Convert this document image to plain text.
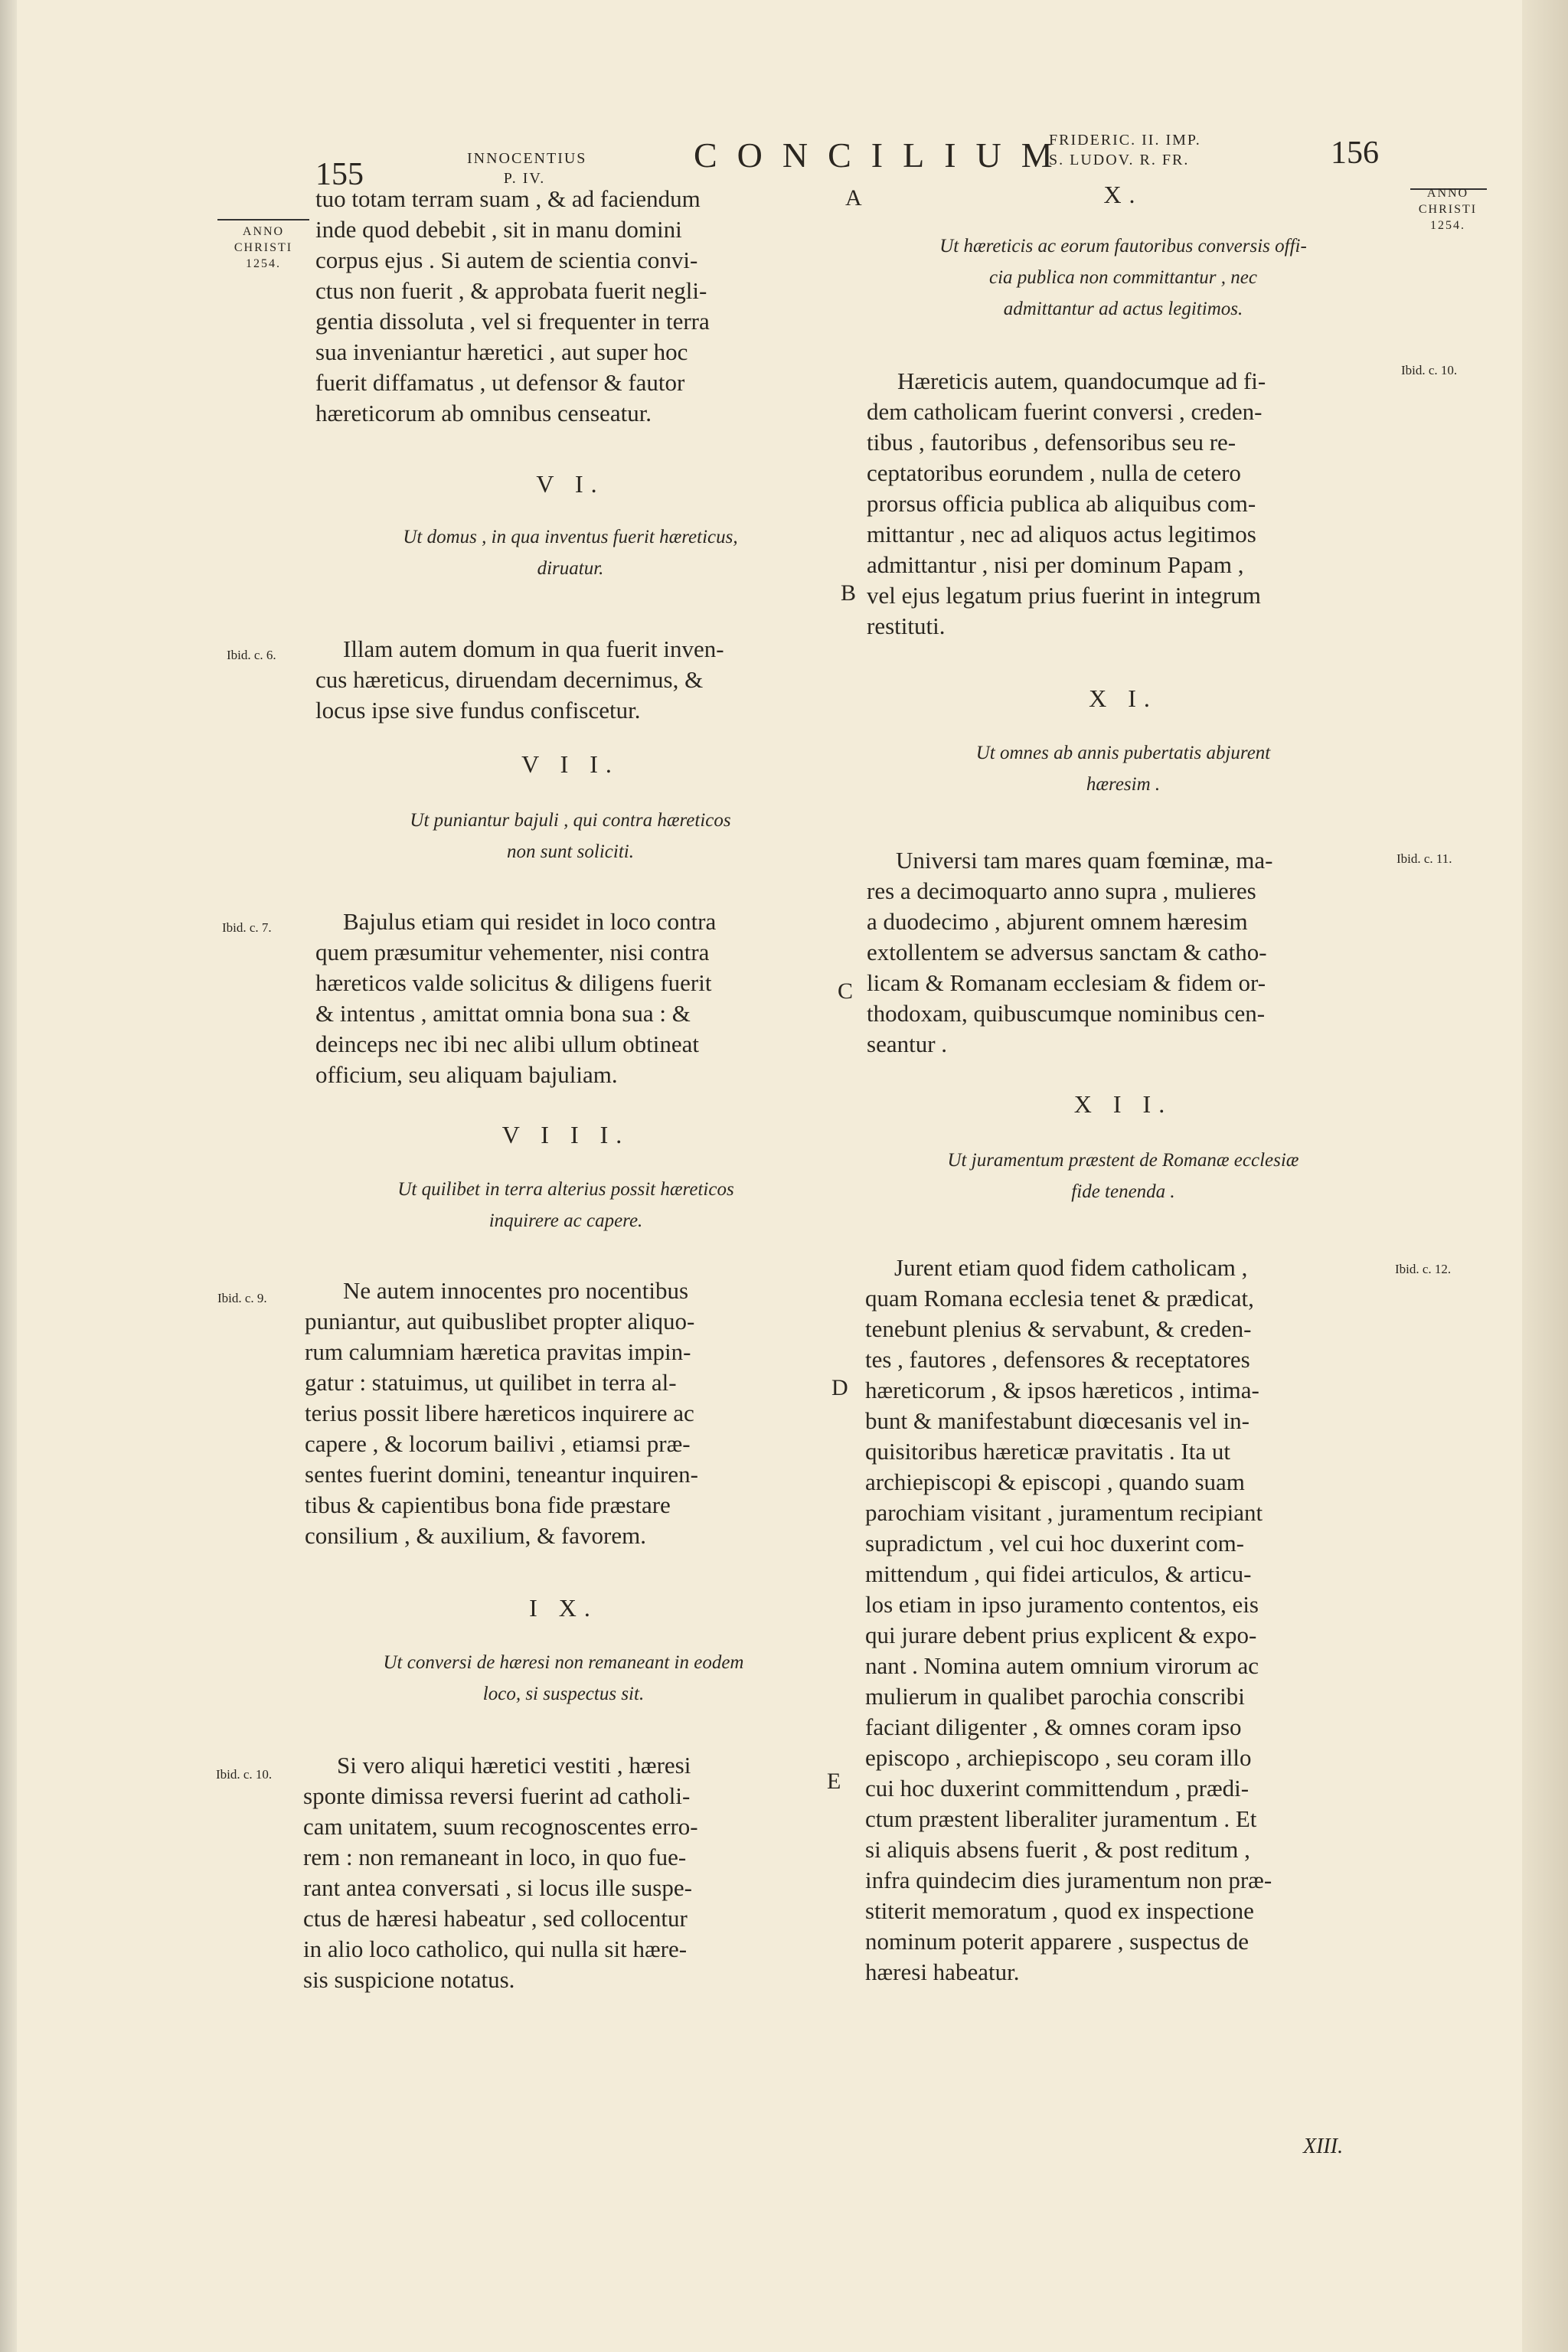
155	INNOCENTIUS
P. IV.
CONCILIUM
FRIDERIC. II. IMP.
S. LUDOV. R. FR.	156
ANNO
CHRISTI
1254.
ANNO
CHRISTI
1254.
Ibid. c. 6.
Ibid. c. 7.
Ibid. c. 9.
Ibid. c. 10.
Ibid. c. 10.
Ibid. c. 11.
Ibid. c. 12.
A
B
C
D
E
tuo totam terram suam , & ad faciendum
inde quod debebit , sit in manu domini
corpus ejus . Si autem de scientia convi-
ctus non fuerit , & approbata fuerit negli-
gentia dissoluta , vel si frequenter in terra
sua inveniantur hæretici , aut super hoc
fuerit diffamatus , ut defensor & fautor
hæreticorum ab omnibus censeatur.
V I.
Ut domus , in qua inventus fuerit hæreticus,
diruatur.
Illam autem domum in qua fuerit inven-
cus hæreticus, diruendam decernimus, &
locus ipse sive fundus confiscetur.
V I I.
Ut puniantur bajuli , qui contra hæreticos
non sunt soliciti.
Bajulus etiam qui residet in loco contra
quem præsumitur vehementer, nisi contra
hæreticos valde solicitus & diligens fuerit
& intentus , amittat omnia bona sua : &
deinceps nec ibi nec alibi ullum obtineat
officium, seu aliquam bajuliam.
V I I I.
Ut quilibet in terra alterius possit hæreticos
inquirere ac capere.
Ne autem innocentes pro nocentibus
puniantur, aut quibuslibet propter aliquo-
rum calumniam hæretica pravitas impin-
gatur : statuimus, ut quilibet in terra al-
terius possit libere hæreticos inquirere ac
capere , & locorum bailivi , etiamsi præ-
sentes fuerint domini, teneantur inquiren-
tibus & capientibus bona fide præstare
consilium , & auxilium, & favorem.
I X.
Ut conversi de hæresi non remaneant in eodem
loco, si suspectus sit.
Si vero aliqui hæretici vestiti , hæresi
sponte dimissa reversi fuerint ad catholi-
cam unitatem, suum recognoscentes erro-
rem : non remaneant in loco, in quo fue-
rant antea conversati , si locus ille suspe-
ctus de hæresi habeatur , sed collocentur
in alio loco catholico, qui nulla sit hære-
sis suspicione notatus.
X.
Ut hæreticis ac eorum fautoribus conversis offi-
cia publica non committantur , nec
admittantur ad actus legitimos.
Hæreticis autem, quandocumque ad fi-
dem catholicam fuerint conversi , creden-
tibus , fautoribus , defensoribus seu re-
ceptatoribus eorundem , nulla de cetero
prorsus officia publica ab aliquibus com-
mittantur , nec ad aliquos actus legitimos
admittantur , nisi per dominum Papam ,
vel ejus legatum prius fuerint in integrum
restituti.
X I.
Ut omnes ab annis pubertatis abjurent
hæresim .
Universi tam mares quam fœminæ, ma-
res a decimoquarto anno supra , mulieres
a duodecimo , abjurent omnem hæresim
extollentem se adversus sanctam & catho-
licam & Romanam ecclesiam & fidem or-
thodoxam, quibuscumque nominibus cen-
seantur .
X I I.
Ut juramentum præstent de Romanæ ecclesiæ
fide tenenda .
Jurent etiam quod fidem catholicam ,
quam Romana ecclesia tenet & prædicat,
tenebunt plenius & servabunt, & creden-
tes , fautores , defensores & receptatores
hæreticorum , & ipsos hæreticos , intima-
bunt & manifestabunt diœcesanis vel in-
quisitoribus hæreticæ pravitatis . Ita ut
archiepiscopi & episcopi , quando suam
parochiam visitant , juramentum recipiant
supradictum , vel cui hoc duxerint com-
mittendum , qui fidei articulos, & articu-
los etiam in ipso juramento contentos, eis
qui jurare debent prius explicent & expo-
nant . Nomina autem omnium virorum ac
mulierum in qualibet parochia conscribi
faciant diligenter , & omnes coram ipso
episcopo , archiepiscopo , seu coram illo
cui hoc duxerint committendum , prædi-
ctum præstent liberaliter juramentum . Et
si aliquis absens fuerit , & post reditum ,
infra quindecim dies juramentum non præ-
stiterit memoratum , quod ex inspectione
nominum poterit apparere , suspectus de
hæresi habeatur.
XIII.
